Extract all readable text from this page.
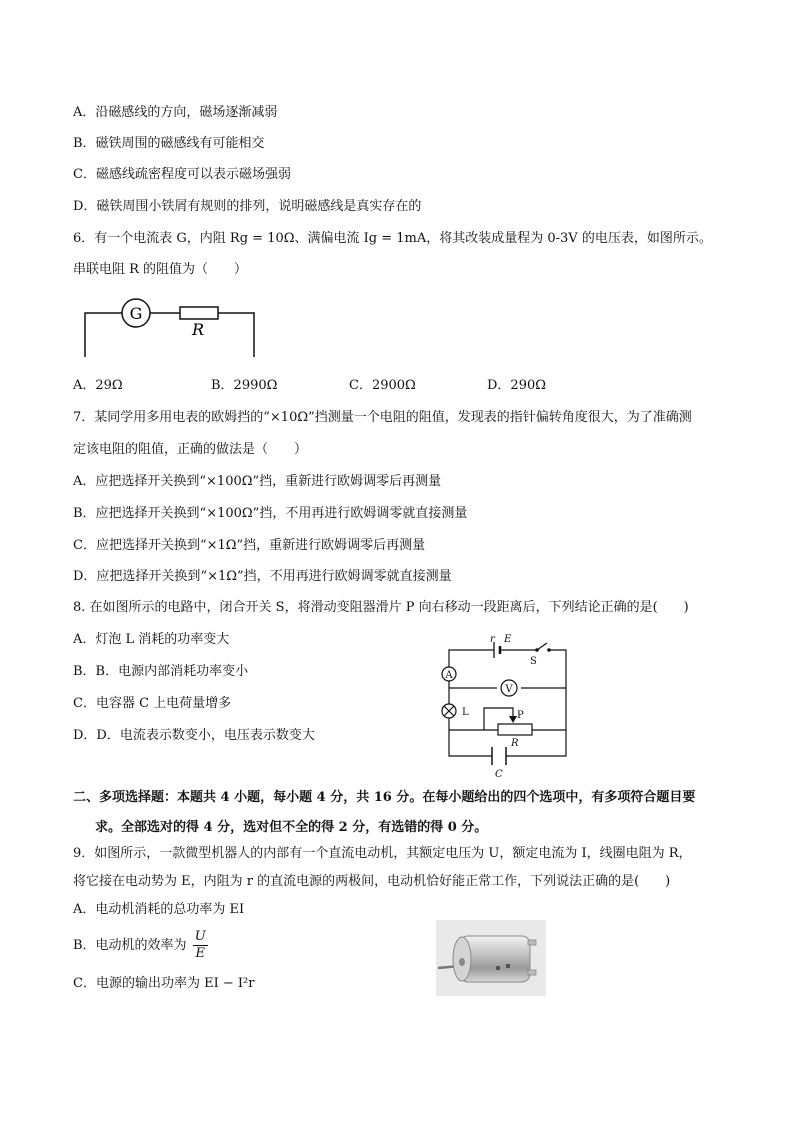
A．沿磁感线的方向，磁场逐渐减弱
B．磁铁周围的磁感线有可能相交
C．磁感线疏密程度可以表示磁场强弱
D．磁铁周围小铁屑有规则的排列，说明磁感线是真实存在的
6．有一个电流表 G，内阻 Rg = 10Ω、满偏电流 Ig = 1mA，将其改装成量程为 0-3V 的电压表，如图所示。
串联电阻 R 的阻值为（　　）
G
R
A．29Ω	B．2990Ω	C．2900Ω	D．290Ω
7．某同学用多用电表的欧姆挡的“×10Ω”挡测量一个电阻的阻值，发现表的指针偏转角度很大，为了准确测
定该电阻的阻值，正确的做法是（　　）
A．应把选择开关换到“×100Ω”挡，重新进行欧姆调零后再测量
B．应把选择开关换到“×100Ω”挡，不用再进行欧姆调零就直接测量
C．应把选择开关换到“×1Ω”挡，重新进行欧姆调零后再测量
D．应把选择开关换到“×1Ω”挡，不用再进行欧姆调零就直接测量
8. 在如图所示的电路中，闭合开关 S，将滑动变阻器滑片 P 向右移动一段距离后，下列结论正确的是(　　)
A．灯泡 L 消耗的功率变大
B．B．电源内部消耗功率变小
C．电容器 C 上电荷量增多
D．D．电流表示数变小，电压表示数变大
r E
R
C
S
A
V
L	P
二、多项选择题：本题共 4 小题，每小题 4 分，共 16 分。在每小题给出的四个选项中，有多项符合题目要
求。全部选对的得 4 分，选对但不全的得 2 分，有选错的得 0 分。
9．如图所示，一款微型机器人的内部有一个直流电动机，其额定电压为 U，额定电流为 I，线圈电阻为 R，
将它接在电动势为 E，内阻为 r 的直流电源的两极间，电动机恰好能正常工作，下列说法正确的是(　　)
A．电动机消耗的总功率为 EI
B．电动机的效率为 $\frac{U}{E}$
C．电源的输出功率为 EI − I²r
